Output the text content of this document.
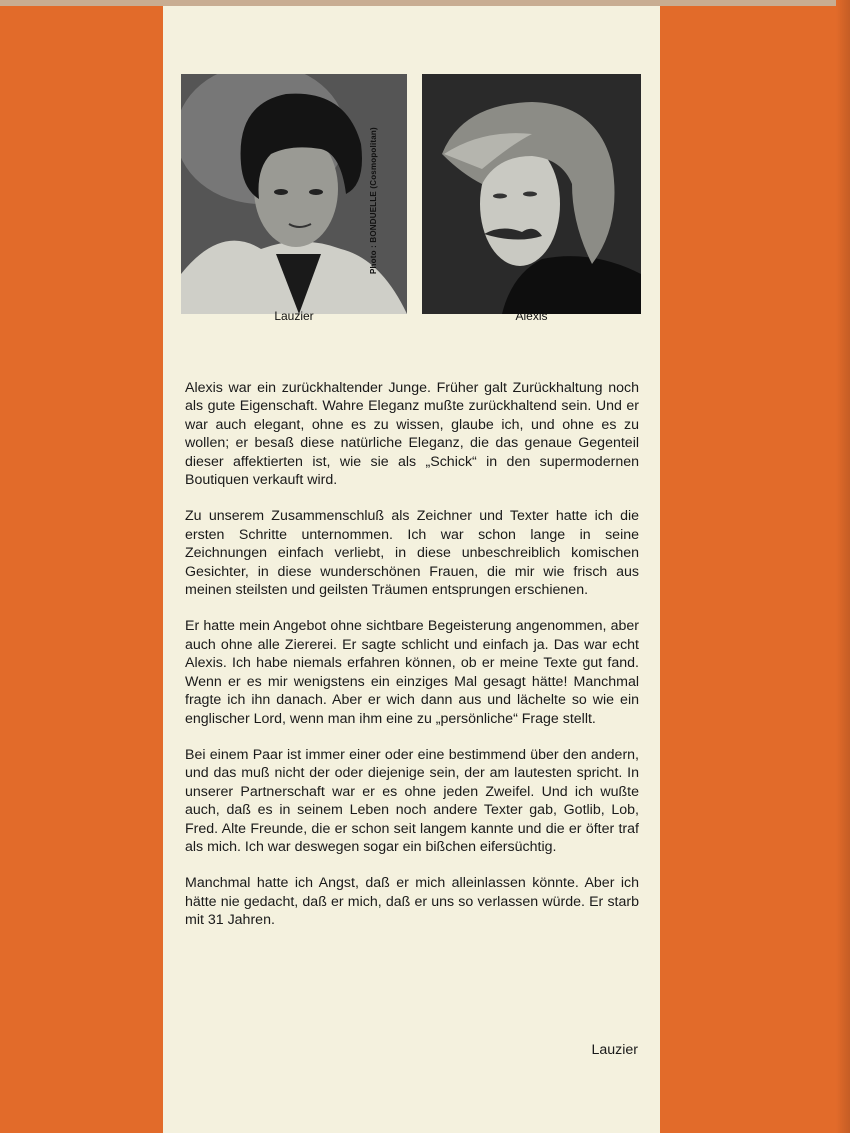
Photo : BONDUELLE (Cosmopolitan)
Lauzier	Alexis

Alexis war ein zurückhaltender Junge. Früher galt Zurückhaltung noch als gute Eigenschaft. Wahre Eleganz mußte zurückhaltend sein. Und er war auch elegant, ohne es zu wissen, glaube ich, und ohne es zu wollen; er besaß diese natürliche Eleganz, die das genaue Gegenteil dieser affektierten ist, wie sie als „Schick“ in den supermodernen Boutiquen verkauft wird.

Zu unserem Zusammenschluß als Zeichner und Texter hatte ich die ersten Schritte unternommen. Ich war schon lange in seine Zeichnungen einfach verliebt, in diese unbeschreiblich komischen Gesichter, in diese wunderschönen Frauen, die mir wie frisch aus meinen steilsten und geilsten Träumen entsprungen erschienen.

Er hatte mein Angebot ohne sichtbare Begeisterung angenommen, aber auch ohne alle Ziererei. Er sagte schlicht und einfach ja. Das war echt Alexis. Ich habe niemals erfahren können, ob er meine Texte gut fand. Wenn er es mir wenigstens ein einziges Mal gesagt hätte! Manchmal fragte ich ihn danach. Aber er wich dann aus und lächelte so wie ein englischer Lord, wenn man ihm eine zu „persönliche“ Frage stellt.

Bei einem Paar ist immer einer oder eine bestimmend über den andern, und das muß nicht der oder diejenige sein, der am lautesten spricht. In unserer Partnerschaft war er es ohne jeden Zweifel. Und ich wußte auch, daß es in seinem Leben noch andere Texter gab, Gotlib, Lob, Fred. Alte Freunde, die er schon seit langem kannte und die er öfter traf als mich. Ich war deswegen sogar ein bißchen eifersüchtig.

Manchmal hatte ich Angst, daß er mich alleinlassen könnte. Aber ich hätte nie gedacht, daß er mich, daß er uns so verlassen würde. Er starb mit 31 Jahren.

Lauzier
